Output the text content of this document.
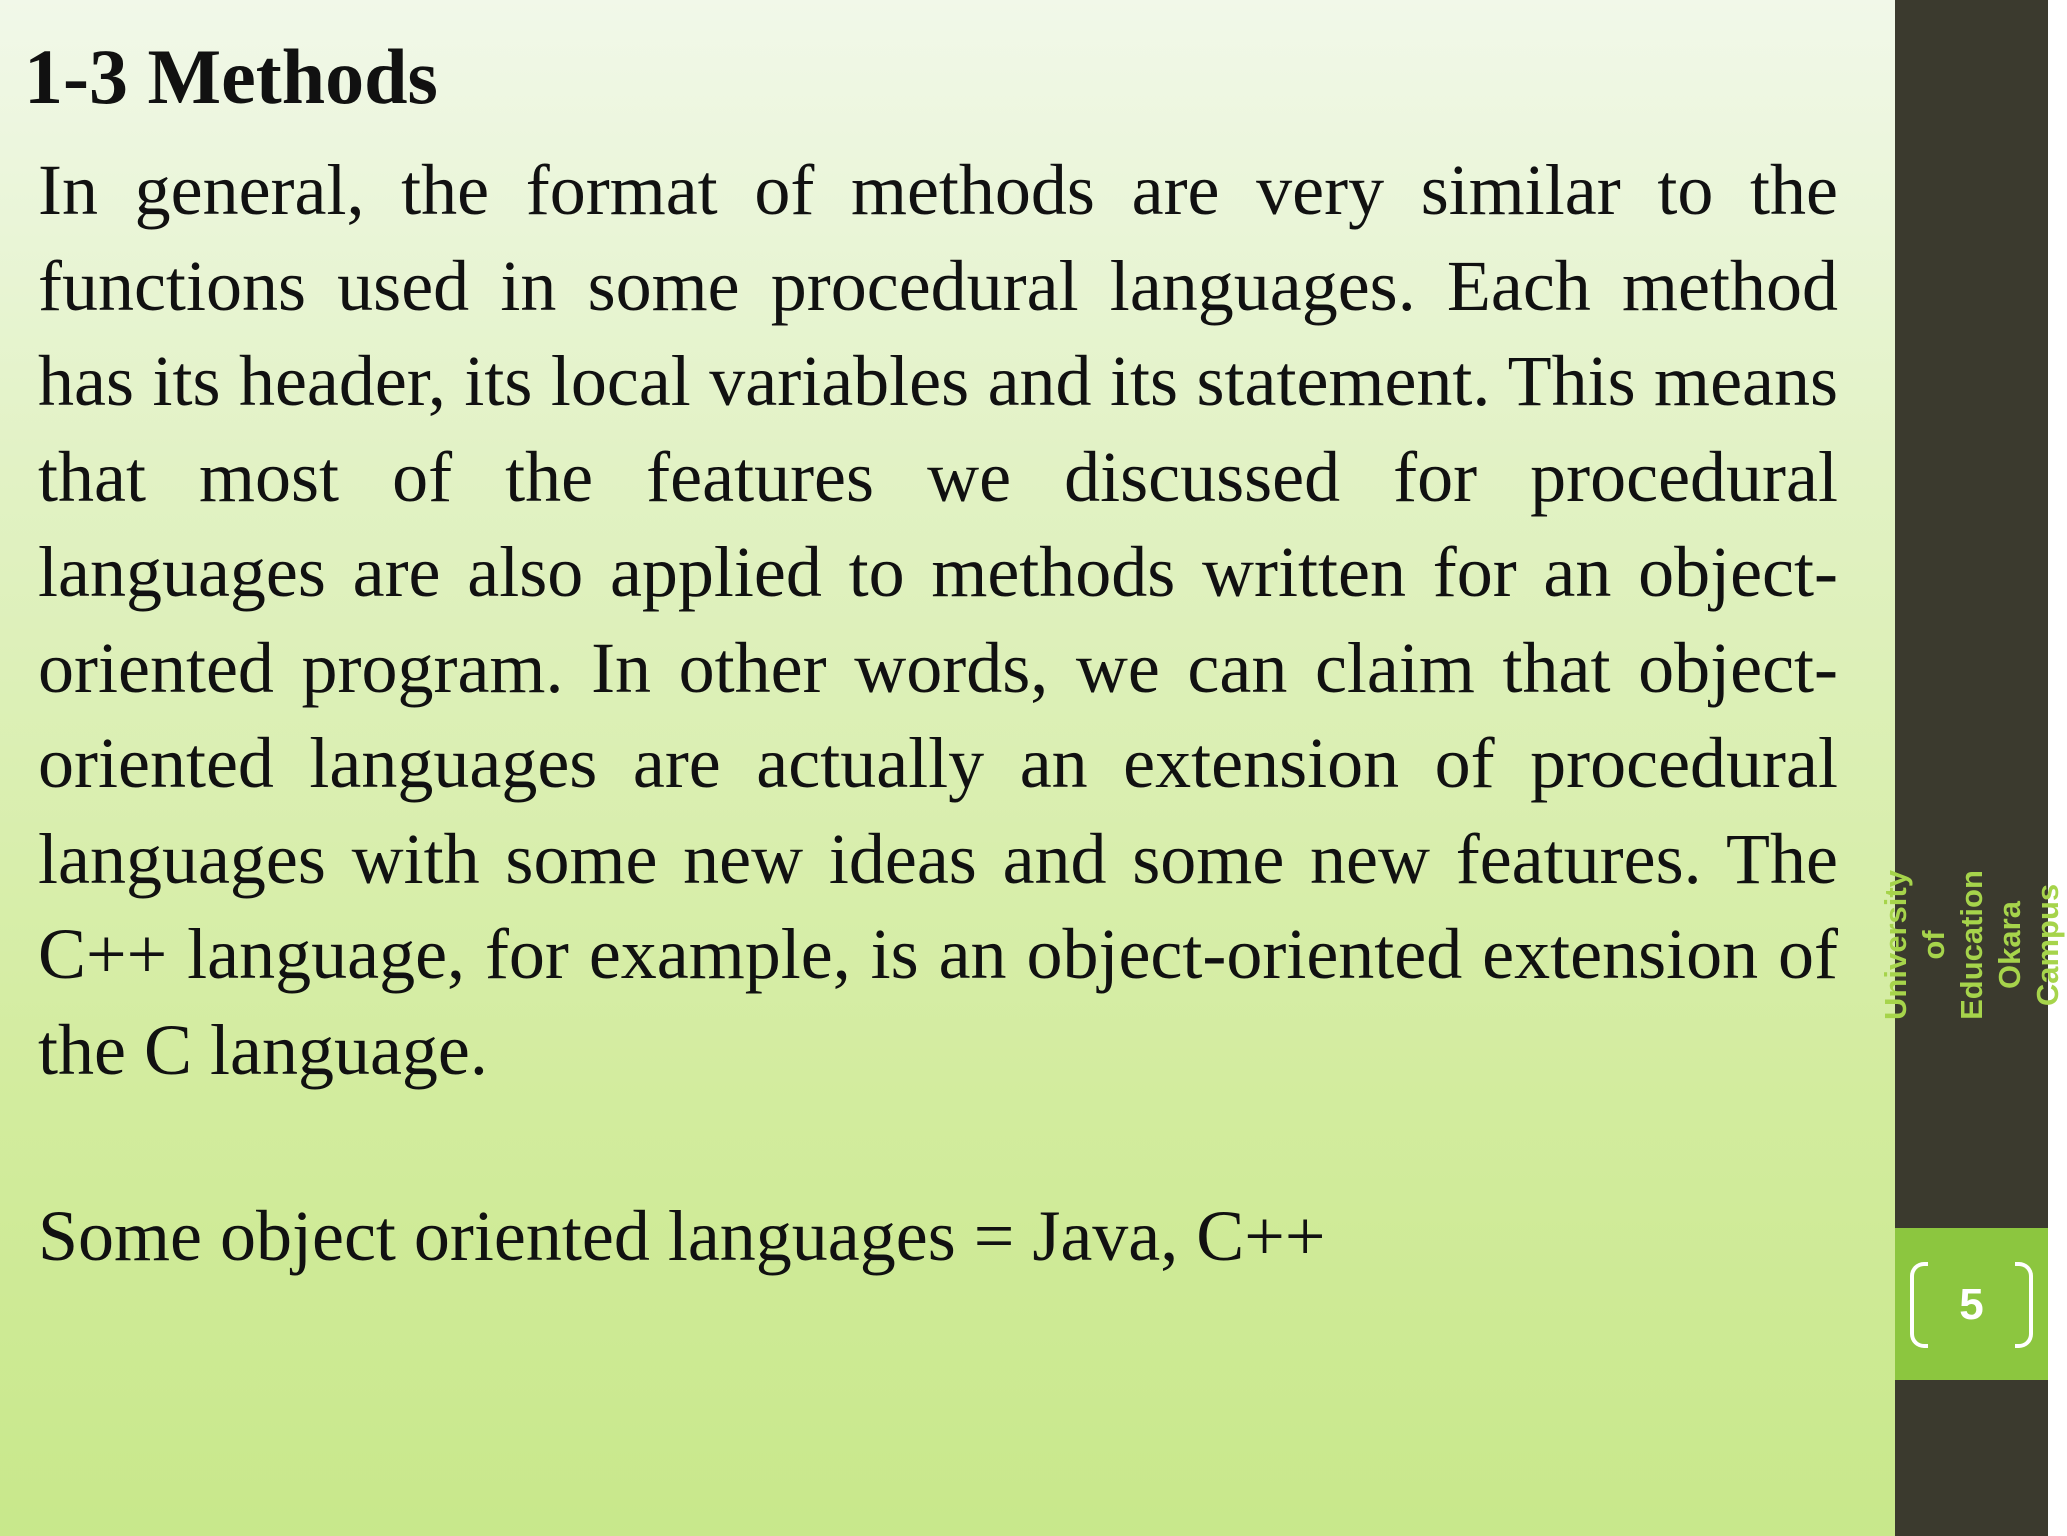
1-3 Methods

In general, the format of methods are very similar to the functions used in some procedural languages. Each method has its header, its local variables and its statement. This means that most of the features we discussed for procedural languages are also applied to methods written for an object-oriented program. In other words, we can claim that object-oriented languages are actually an extension of procedural languages with some new ideas and some new features. The C++ language, for example, is an object-oriented extension of the C language.

Some object oriented languages = Java, C++
University of Education Okara Campus
5
